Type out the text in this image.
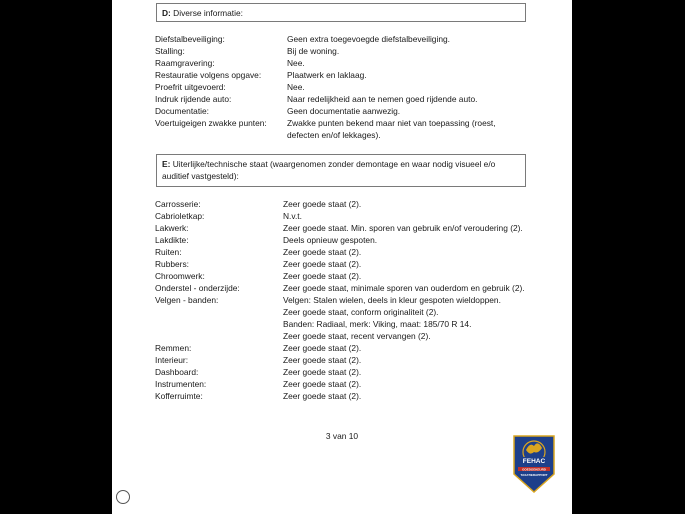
D: Diverse informatie:
Diefstalbeveiliging:	Geen extra toegevoegde diefstalbeveiliging.
Stalling:	Bij de woning.
Raamgravering:	Nee.
Restauratie volgens opgave:	Plaatwerk en laklaag.
Proefrit uitgevoerd:	Nee.
Indruk rijdende auto:	Naar redelijkheid aan te nemen goed rijdende auto.
Documentatie:	Geen documentatie aanwezig.
Voertuigeigen zwakke punten: Zwakke punten bekend maar niet van toepassing (roest,
defecten en/of lekkages).
E: Uiterlijke/technische staat (waargenomen zonder demontage en waar nodig visueel e/o
auditief vastgesteld):
Carrosserie:	Zeer goede staat (2).
Cabrioletkap:	N.v.t.
Lakwerk:	Zeer goede staat. Min. sporen van gebruik en/of veroudering (2).
Lakdikte:	Deels opnieuw gespoten.
Ruiten:	Zeer goede staat (2).
Rubbers:	Zeer goede staat (2).
Chroomwerk:	Zeer goede staat (2).
Onderstel - onderzijde:	Zeer goede staat, minimale sporen van ouderdom en gebruik (2).
Velgen - banden:	Velgen: Stalen wielen, deels in kleur gespoten wieldoppen.
Zeer goede staat, conform originaliteit (2).
Banden: Radiaal, merk: Viking, maat: 185/70 R 14.
Zeer goede staat, recent vervangen (2).
Remmen:	Zeer goede staat (2).
Interieur:	Zeer goede staat (2).
Dashboard:	Zeer goede staat (2).
Instrumenten:	Zeer goede staat (2).
Kofferruimte:	Zeer goede staat (2).
3 van 10
FEHAC
GOEDGEKEURD
TAXATIERAPPORT
